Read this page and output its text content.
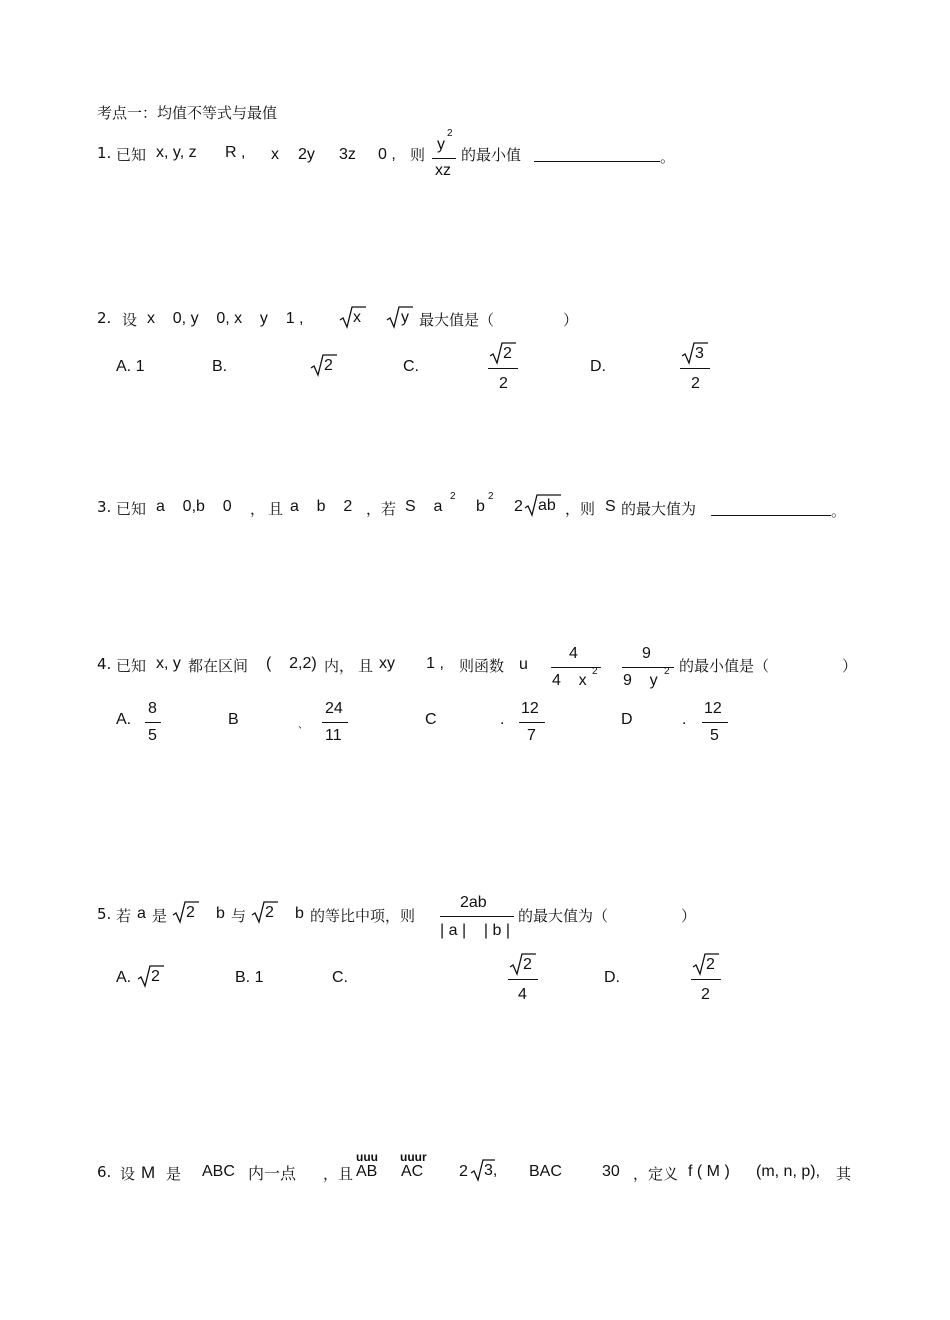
考点一：均值不等式与最值
1. 已知 x, y, z R , x 2y 3z 0 , 则
y
2
xz
的最小值	。
2. 设 x    0, y    0, x    y    1 ,	x	y 最大值是（	）
A. 1	B.	2	C.
2
2
D.
3
2
3. 已知 a    0,b    0 ， 且 a    b    2 ，若 S    a
2
b
2
2 ab ，则 S 的最大值为	。
4. 已知 x, y 都在区间 (    2,2) 内， 且 xy       1 , 则函数 u
4
4    x
2
9
9    y
2 的最小值是（	）
A.
8
5
B	、
24
11
C	.
12
7
D	.
12
5
5. 若 a 是 2 b 与 2 b 的等比中项，则
2ab
| a |    | b |
的最大值为（	）
A. 2	B. 1	C.
2
4
D.
2
2
6. 设 M 是 ABC 内一点 ，且
uuu
AB
uuur
AC 2 3, BAC	30 ，定义 f ( M ) (m, n, p), 其
